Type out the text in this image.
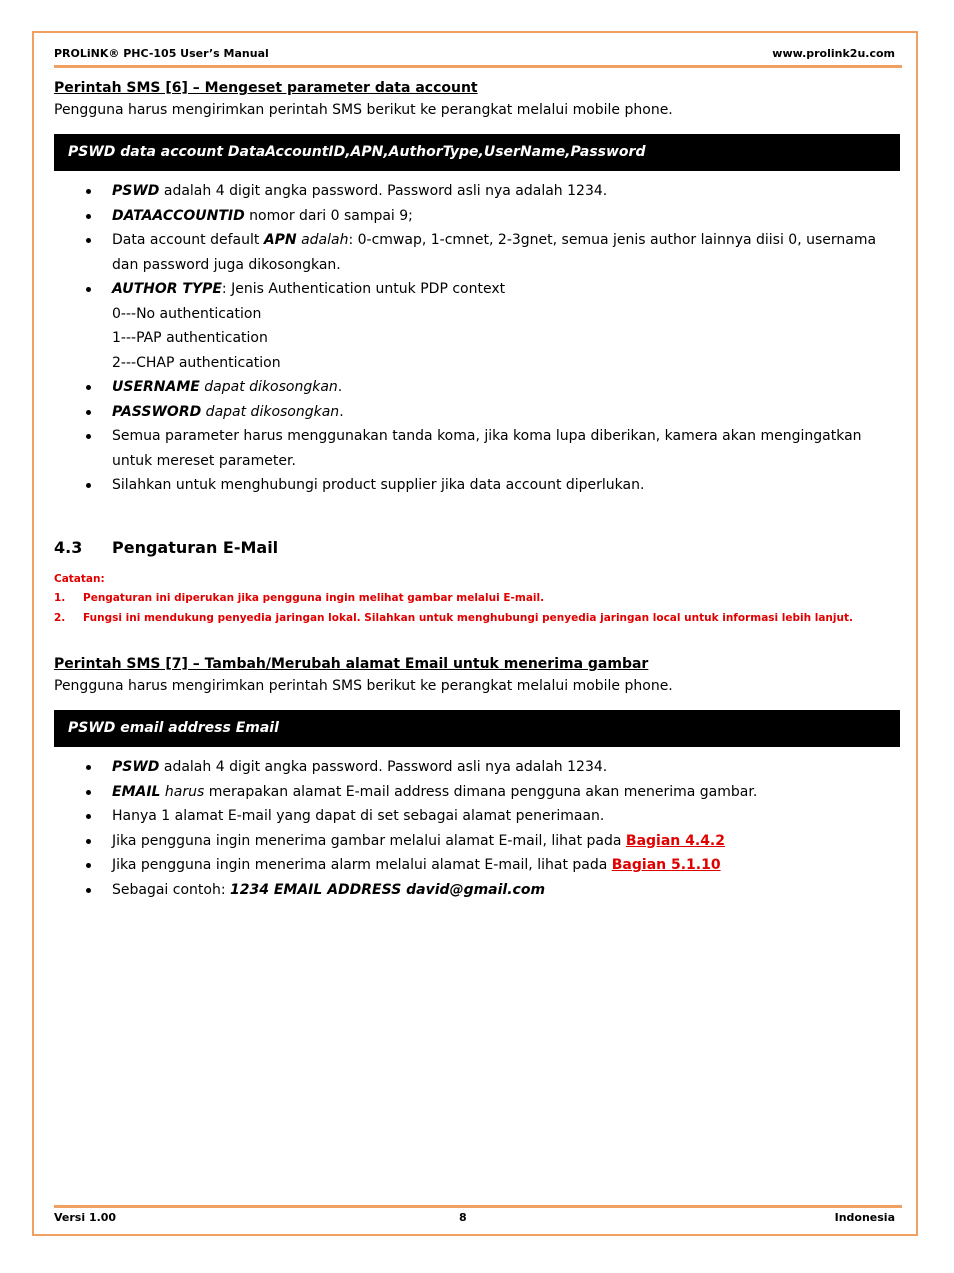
PROLiNK® PHC-105 User’s Manual	www.prolink2u.com

Perintah SMS [6] – Mengeset parameter data account

Pengguna harus mengirimkan perintah SMS berikut ke perangkat melalui mobile phone.

PSWD data account DataAccountID,APN,AuthorType,UserName,Password
PSWD adalah 4 digit angka password. Password asli nya adalah 1234.
DATAACCOUNTID nomor dari 0 sampai 9;
Data account default APN adalah: 0-cmwap, 1-cmnet, 2-3gnet, semua jenis author lainnya diisi 0, usernama dan password juga dikosongkan.
AUTHOR TYPE: Jenis Authentication untuk PDP context
0---No authentication
1---PAP authentication
2---CHAP authentication
USERNAME dapat dikosongkan.
PASSWORD dapat dikosongkan.
Semua parameter harus menggunakan tanda koma, jika koma lupa diberikan, kamera akan mengingatkan untuk mereset parameter.
Silahkan untuk menghubungi product supplier jika data account diperlukan.
4.3 Pengaturan E-Mail
Catatan:
1. Pengaturan ini diperukan jika pengguna ingin melihat gambar melalui E-mail.
2. Fungsi ini mendukung penyedia jaringan lokal. Silahkan untuk menghubungi penyedia jaringan local untuk informasi lebih lanjut.

Perintah SMS [7] – Tambah/Merubah alamat Email untuk menerima gambar

Pengguna harus mengirimkan perintah SMS berikut ke perangkat melalui mobile phone.

PSWD email address Email
PSWD adalah 4 digit angka password. Password asli nya adalah 1234.
EMAIL harus merapakan alamat E-mail address dimana pengguna akan menerima gambar.
Hanya 1 alamat E-mail yang dapat di set sebagai alamat penerimaan.
Jika pengguna ingin menerima gambar melalui alamat E-mail, lihat pada Bagian 4.4.2
Jika pengguna ingin menerima alarm melalui alamat E-mail, lihat pada Bagian 5.1.10
Sebagai contoh: 1234 EMAIL ADDRESS david@gmail.com
Versi 1.00	8	Indonesia
